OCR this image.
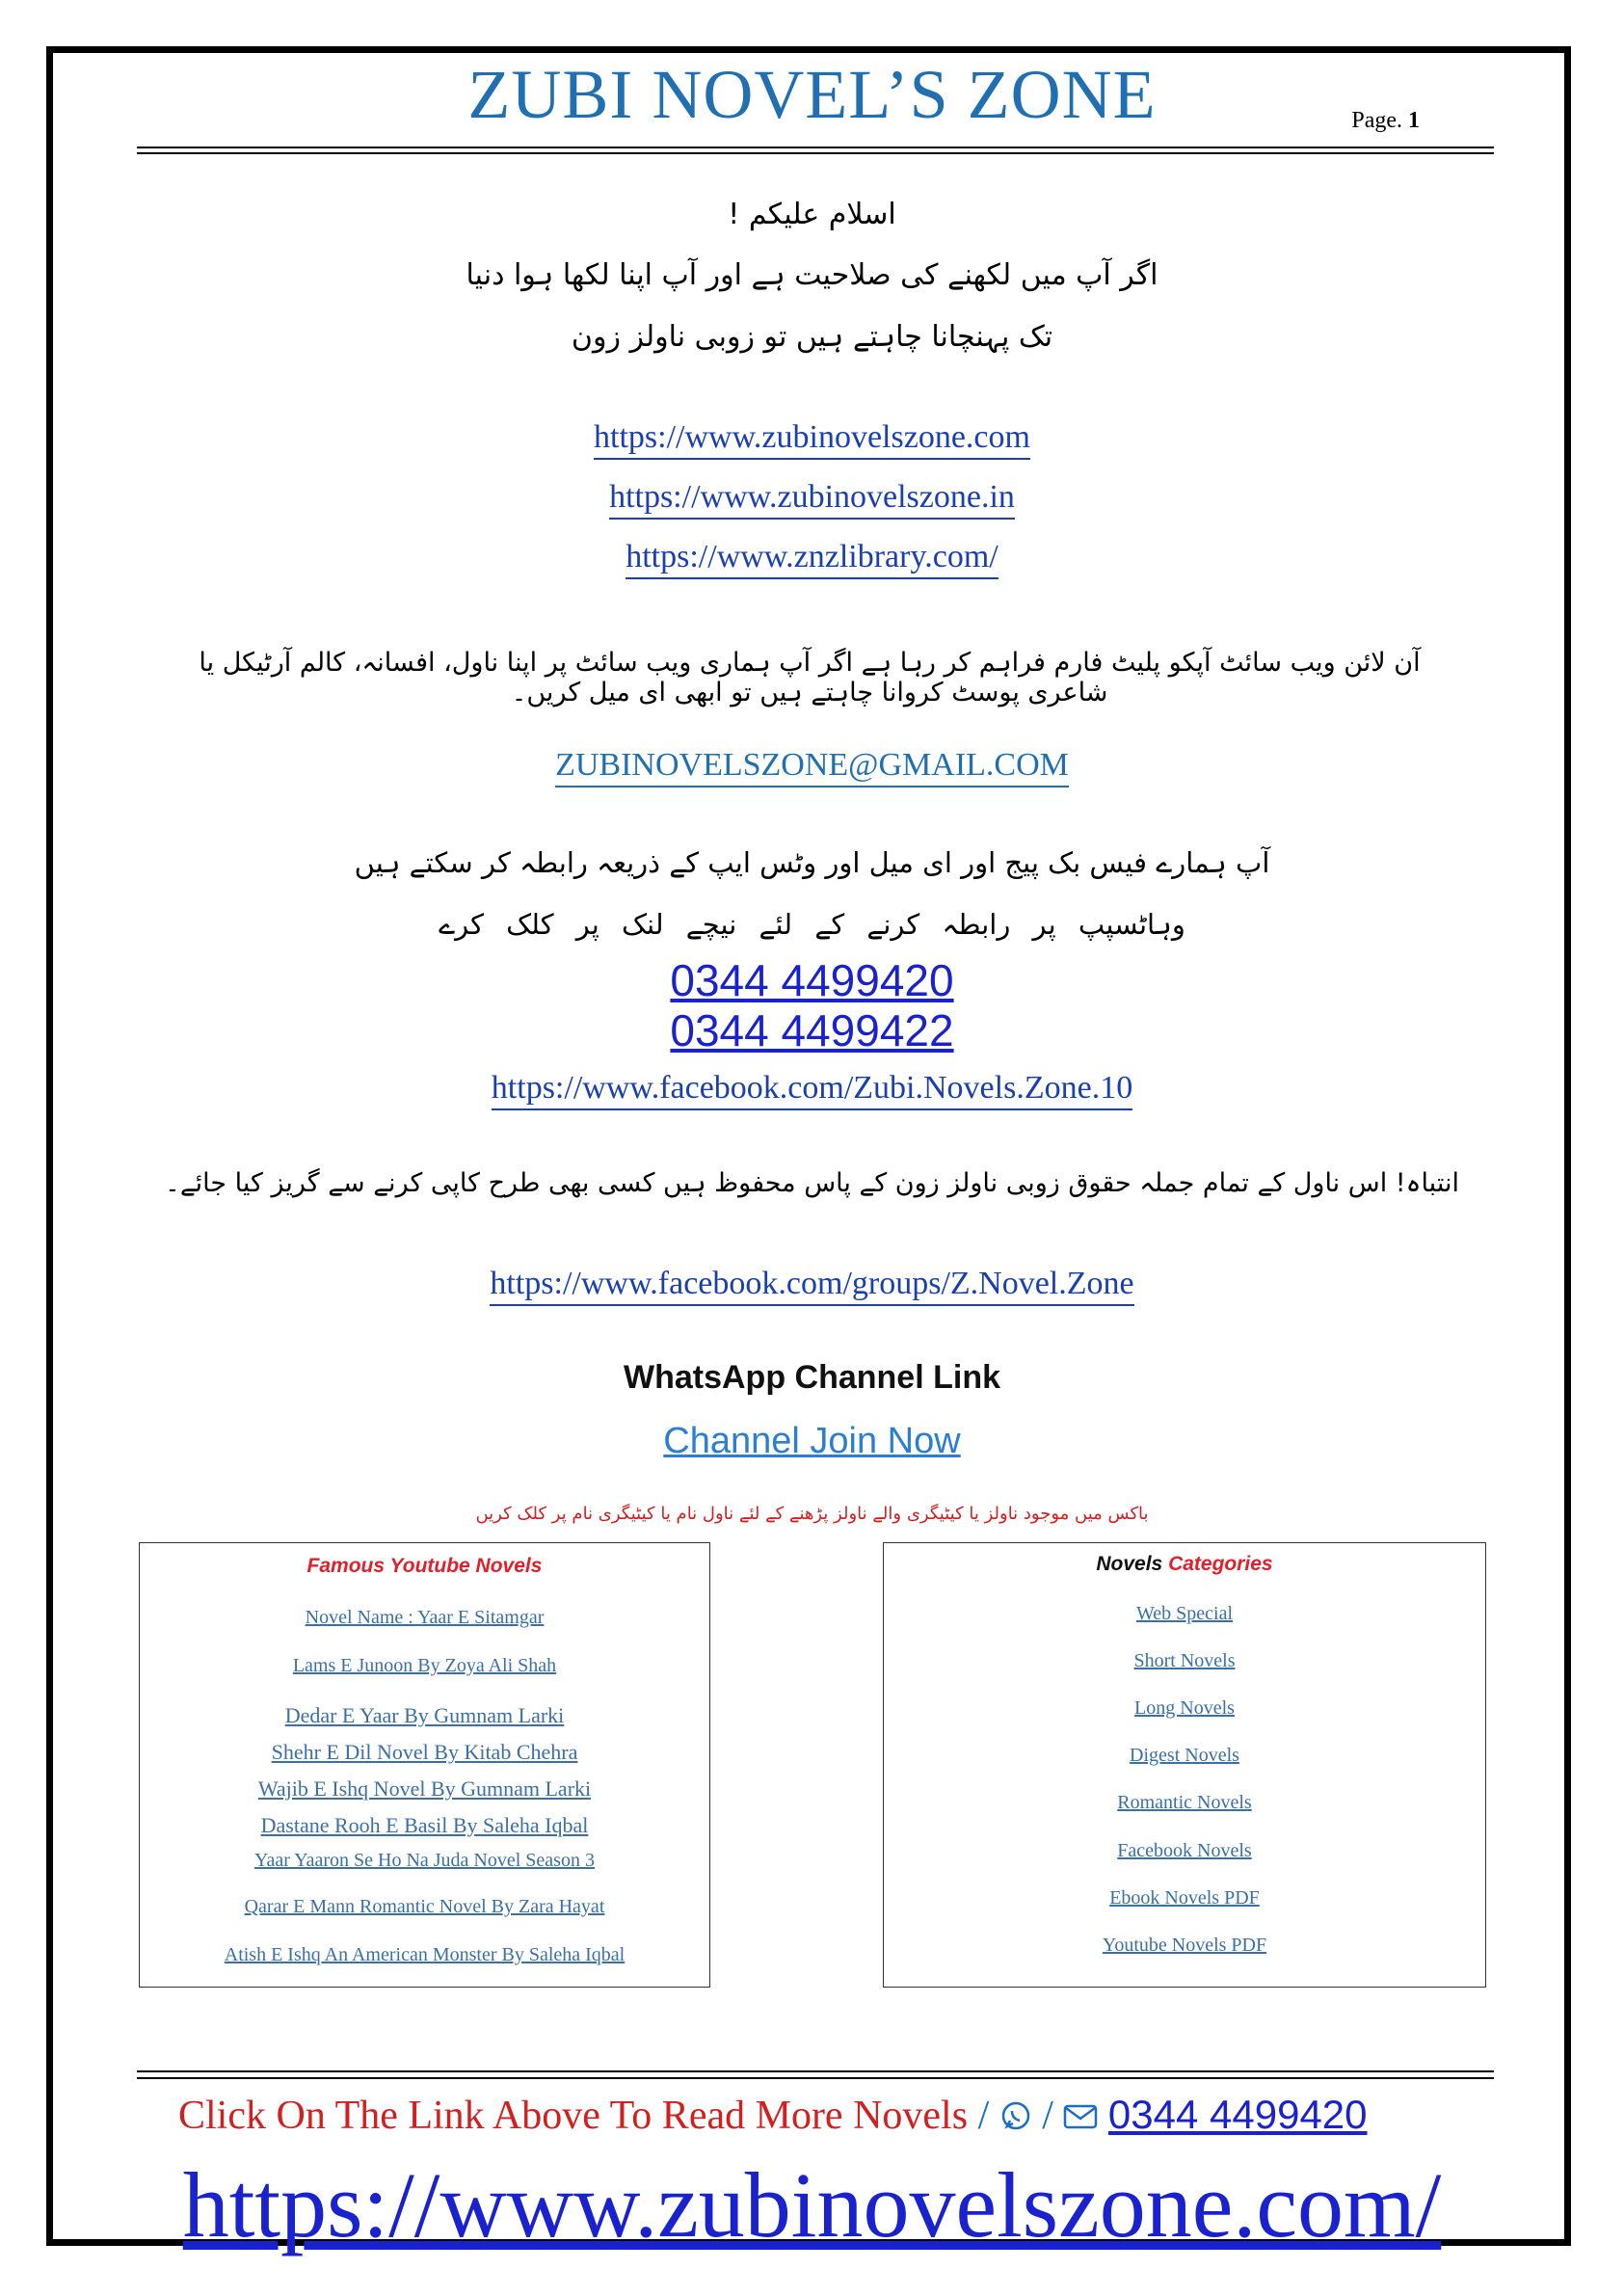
ZUBI NOVEL’S ZONE	Page. 1
اسلام علیکم !
اگر آپ میں لکھنے کی صلاحیت ہے اور آپ اپنا لکھا ہوا دنیا
تک پہنچانا چاہتے ہیں تو زوبی ناولز زون
https://www.zubinovelszone.com
https://www.zubinovelszone.in
https://www.znzlibrary.com/
آن لائن ویب سائٹ آپکو پلیٹ فارم فراہم کر رہا ہے اگر آپ ہماری ویب سائٹ پر اپنا ناول، افسانہ، کالم آرٹیکل یا شاعری پوسٹ کروانا چاہتے ہیں تو ابھی ای میل کریں۔
ZUBINOVELSZONE@GMAIL.COM
آپ ہمارے فیس بک پیج اور ای میل اور وٹس ایپ کے ذریعہ رابطہ کر سکتے ہیں
وہاٹسپپ پر رابطہ کرنے کے لئے نیچے لنک پر کلک کرے
0344 4499420
0344 4499422
https://www.facebook.com/Zubi.Novels.Zone.10
انتباہ! اس ناول کے تمام جملہ حقوق زوبی ناولز زون کے پاس محفوظ ہیں کسی بھی طرح کاپی کرنے سے گریز کیا جائے۔
https://www.facebook.com/groups/Z.Novel.Zone
WhatsApp Channel Link
Channel Join Now
باکس میں موجود ناولز یا کیٹیگری والے ناولز پڑھنے کے لئے ناول نام یا کیٹیگری نام پر کلک کریں
Famous Youtube Novels
Novel Name : Yaar E Sitamgar
Lams E Junoon By Zoya Ali Shah
Dedar E Yaar By Gumnam Larki
Shehr E Dil Novel By Kitab Chehra
Wajib E Ishq Novel By Gumnam Larki
Dastane Rooh E Basil By Saleha Iqbal
Yaar Yaaron Se Ho Na Juda Novel Season 3
Qarar E Mann Romantic Novel By Zara Hayat
Atish E Ishq An American Monster By Saleha Iqbal
Novels Categories
Web Special
Short Novels
Long Novels
Digest Novels
Romantic Novels
Facebook Novels
Ebook Novels PDF
Youtube Novels PDF
Click On The Link Above To Read More Novels / / 0344 4499420
https://www.zubinovelszone.com/
